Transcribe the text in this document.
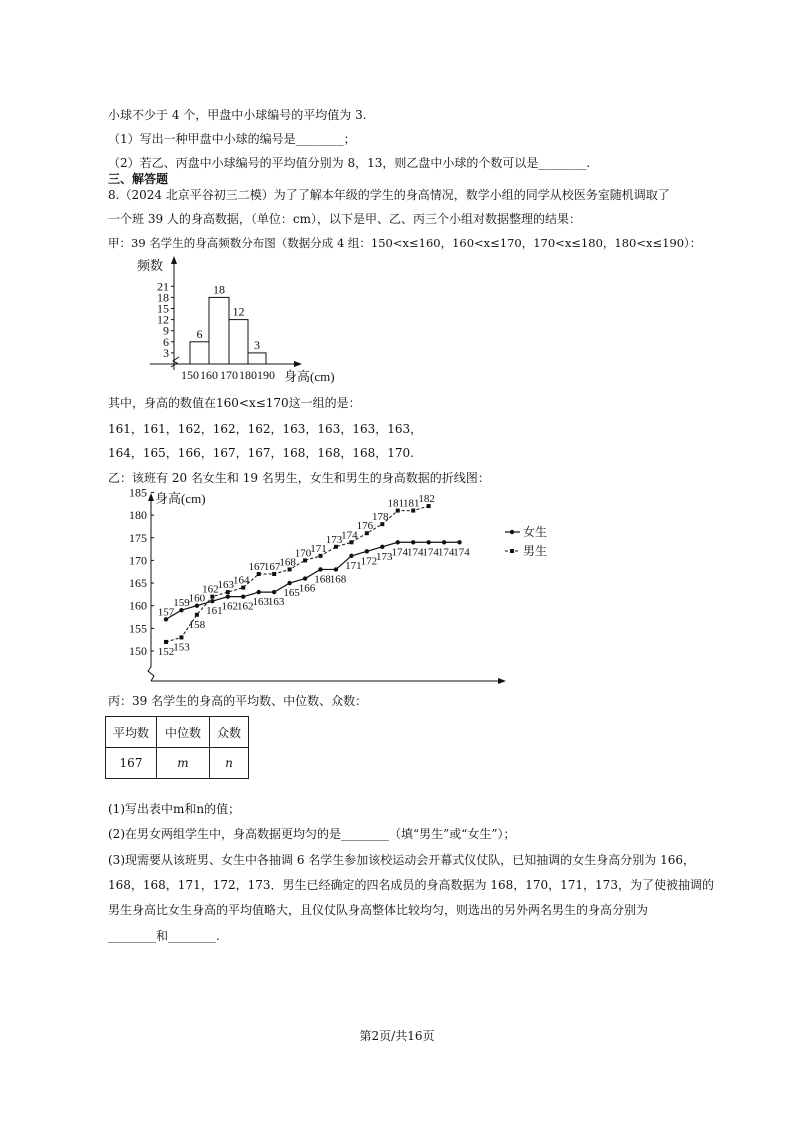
小球不少于 4 个，甲盘中小球编号的平均值为 3.
（1）写出一种甲盘中小球的编号是________；
（2）若乙、丙盘中小球编号的平均值分别为 8，13，则乙盘中小球的个数可以是________.
三、解答题
8.（2024 北京平谷初三二模）为了了解本年级的学生的身高情况，数学小组的同学从校医务室随机调取了
一个班 39 人的身高数据，（单位：cm），以下是甲、乙、丙三个小组对数据整理的结果：
甲：39 名学生的身高频数分布图（数据分成 4 组：150<x≤160，160<x≤170，170<x≤180，180<x≤190）：
其中，身高的数值在160<x≤170这一组的是：
161，161，162，162，162，163，163，163，163，
164，165，166，167，167，168，168，168，170.
乙：该班有 20 名女生和 19 名男生，女生和男生的身高数据的折线图：
丙：39 名学生的身高的平均数、中位数、众数：
平均数	中位数	众数
167	m	n
(1)写出表中m和n的值；
(2)在男女两组学生中，身高数据更均匀的是________（填“男生”或“女生”）；
(3)现需要从该班男、女生中各抽调 6 名学生参加该校运动会开幕式仪仗队，已知抽调的女生身高分别为 166，
168，168，171，172，173．男生已经确定的四名成员的身高数据为 168，170，171，173，为了使被抽调的
男生身高比女生身高的平均值略大，且仪仗队身高整体比较均匀，则选出的另外两名男生的身高分别为
________和________.
第2页/共16页
3
6
9
12
15
18
21
频数
6
18
12
3
150 160 170 180 190 身高(cm)
身高(cm)
150
155
160
165
170
175
180
185
152
153
158
162
163
164
167
167
168
170
171
173
174
176
178
181
181
182
157
159
160
161
162
162
163
163
165
166
168
168
171
172
173
174
174
174
174
174
女生
男生
